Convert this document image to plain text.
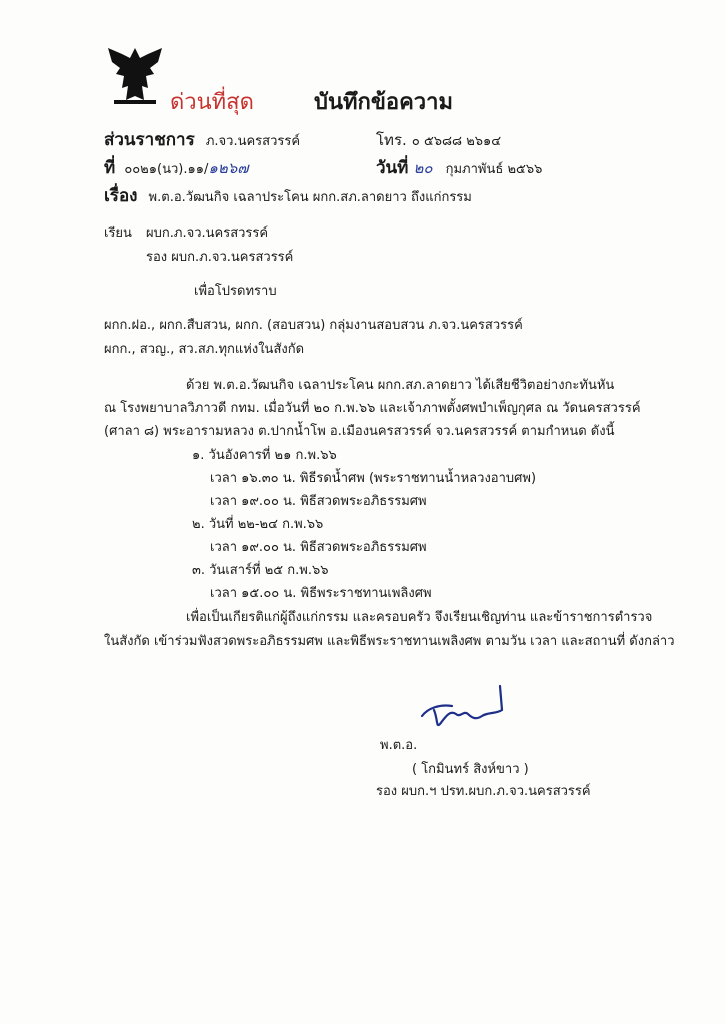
ด่วนที่สุด	บันทึกข้อความ
ส่วนราชการ ภ.จว.นครสวรรค์	โทร. ๐ ๕๖๘๘ ๒๖๑๔
ที่ ๐๐๒๑(นว).๑๑/๑๒๖๗	วันที่ ๒๐ กุมภาพันธ์ ๒๕๖๖
เรื่อง พ.ต.อ.วัฒนกิจ เฉลาประโคน ผกก.สภ.ลาดยาว ถึงแก่กรรม
เรียน ผบก.ภ.จว.นครสวรรค์
รอง ผบก.ภ.จว.นครสวรรค์
เพื่อโปรดทราบ
ผกก.ฝอ., ผกก.สืบสวน, ผกก. (สอบสวน) กลุ่มงานสอบสวน ภ.จว.นครสวรรค์
ผกก., สวญ., สว.สภ.ทุกแห่งในสังกัด
ด้วย พ.ต.อ.วัฒนกิจ เฉลาประโคน ผกก.สภ.ลาดยาว ได้เสียชีวิตอย่างกะทันหัน
ณ โรงพยาบาลวิภาวดี กทม. เมื่อวันที่ ๒๐ ก.พ.๖๖ และเจ้าภาพตั้งศพบำเพ็ญกุศล ณ วัดนครสวรรค์
(ศาลา ๘) พระอารามหลวง ต.ปากน้ำโพ อ.เมืองนครสวรรค์ จว.นครสวรรค์ ตามกำหนด ดังนี้
๑. วันอังคารที่ ๒๑ ก.พ.๖๖
เวลา ๑๖.๓๐ น. พิธีรดน้ำศพ (พระราชทานน้ำหลวงอาบศพ)
เวลา ๑๙.๐๐ น. พิธีสวดพระอภิธรรมศพ
๒. วันที่ ๒๒-๒๔ ก.พ.๖๖
เวลา ๑๙.๐๐ น. พิธีสวดพระอภิธรรมศพ
๓. วันเสาร์ที่ ๒๕ ก.พ.๖๖
เวลา ๑๕.๐๐ น. พิธีพระราชทานเพลิงศพ
เพื่อเป็นเกียรติแก่ผู้ถึงแก่กรรม และครอบครัว จึงเรียนเชิญท่าน และข้าราชการตำรวจ
ในสังกัด เข้าร่วมฟังสวดพระอภิธรรมศพ และพิธีพระราชทานเพลิงศพ ตามวัน เวลา และสถานที่ ดังกล่าว
พ.ต.อ.
( โกมินทร์ สิงห์ขาว )
รอง ผบก.ฯ ปรท.ผบก.ภ.จว.นครสวรรค์
